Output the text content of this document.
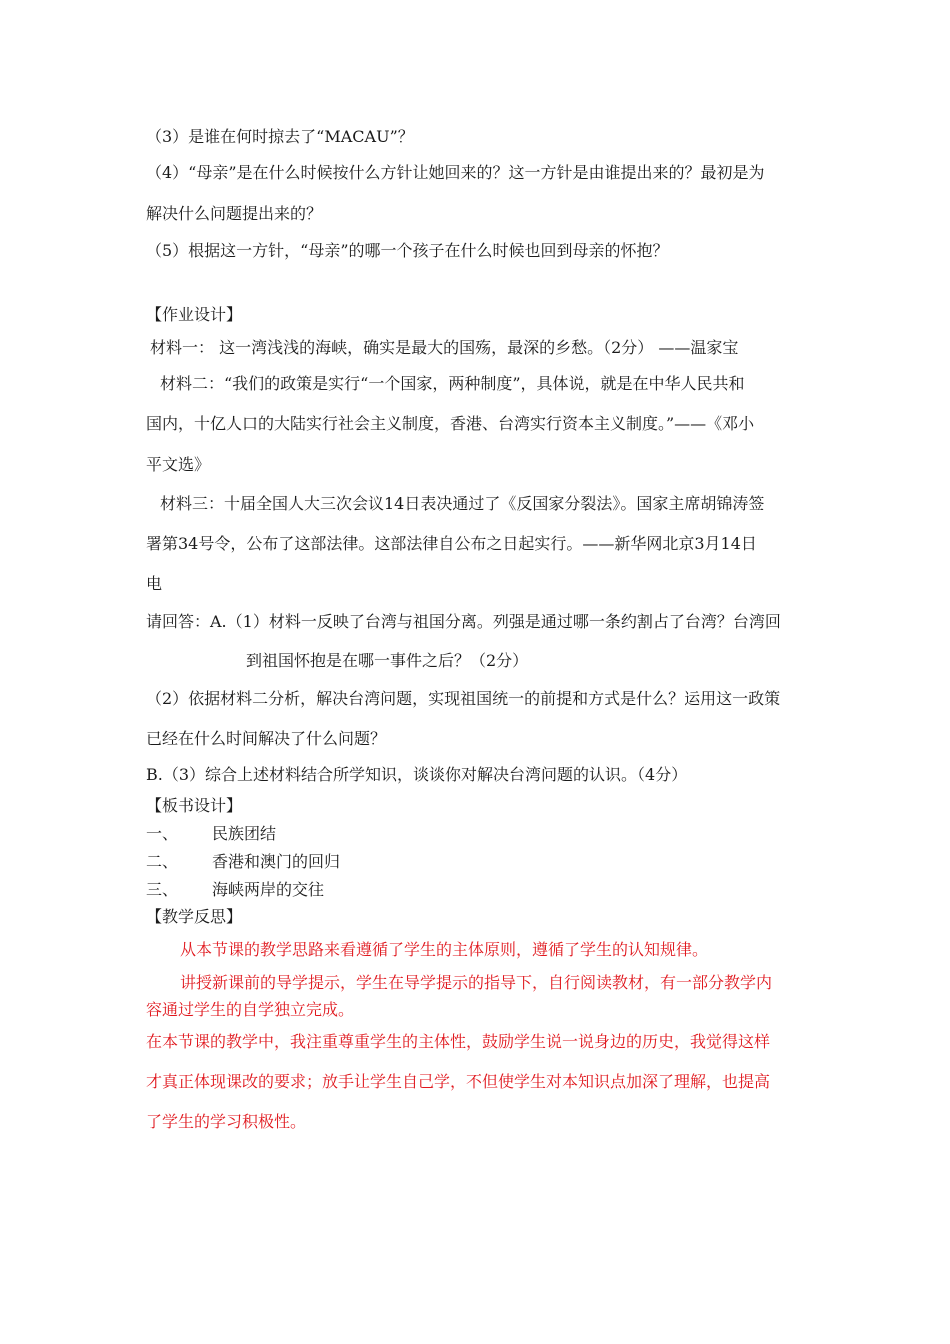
（3）是谁在何时掠去了“MACAU”？
（4）“母亲”是在什么时候按什么方针让她回来的？这一方针是由谁提出来的？最初是为
解决什么问题提出来的？
（5）根据这一方针，“母亲”的哪一个孩子在什么时候也回到母亲的怀抱？
【作业设计】
材料一： 这一湾浅浅的海峡，确实是最大的国殇，最深的乡愁。（2分） ——温家宝
材料二：“我们的政策是实行“一个国家，两种制度”，具体说，就是在中华人民共和
国内，十亿人口的大陆实行社会主义制度，香港、台湾实行资本主义制度。”——《邓小
平文选》
材料三：十届全国人大三次会议14日表决通过了《反国家分裂法》。国家主席胡锦涛签
署第34号令，公布了这部法律。这部法律自公布之日起实行。——新华网北京3月14日
电
请回答：A.（1）材料一反映了台湾与祖国分离。列强是通过哪一条约割占了台湾？台湾回
到祖国怀抱是在哪一事件之后？（2分）
（2）依据材料二分析，解决台湾问题，实现祖国统一的前提和方式是什么？运用这一政策
已经在什么时间解决了什么问题？
B.（3）综合上述材料结合所学知识，谈谈你对解决台湾问题的认识。（4分）
【板书设计】
一、 民族团结
二、 香港和澳门的回归
三、 海峡两岸的交往
【教学反思】
从本节课的教学思路来看遵循了学生的主体原则，遵循了学生的认知规律。
讲授新课前的导学提示，学生在导学提示的指导下，自行阅读教材，有一部分教学内
容通过学生的自学独立完成。
在本节课的教学中，我注重尊重学生的主体性，鼓励学生说一说身边的历史，我觉得这样
才真正体现课改的要求；放手让学生自己学，不但使学生对本知识点加深了理解，也提高
了学生的学习积极性。
